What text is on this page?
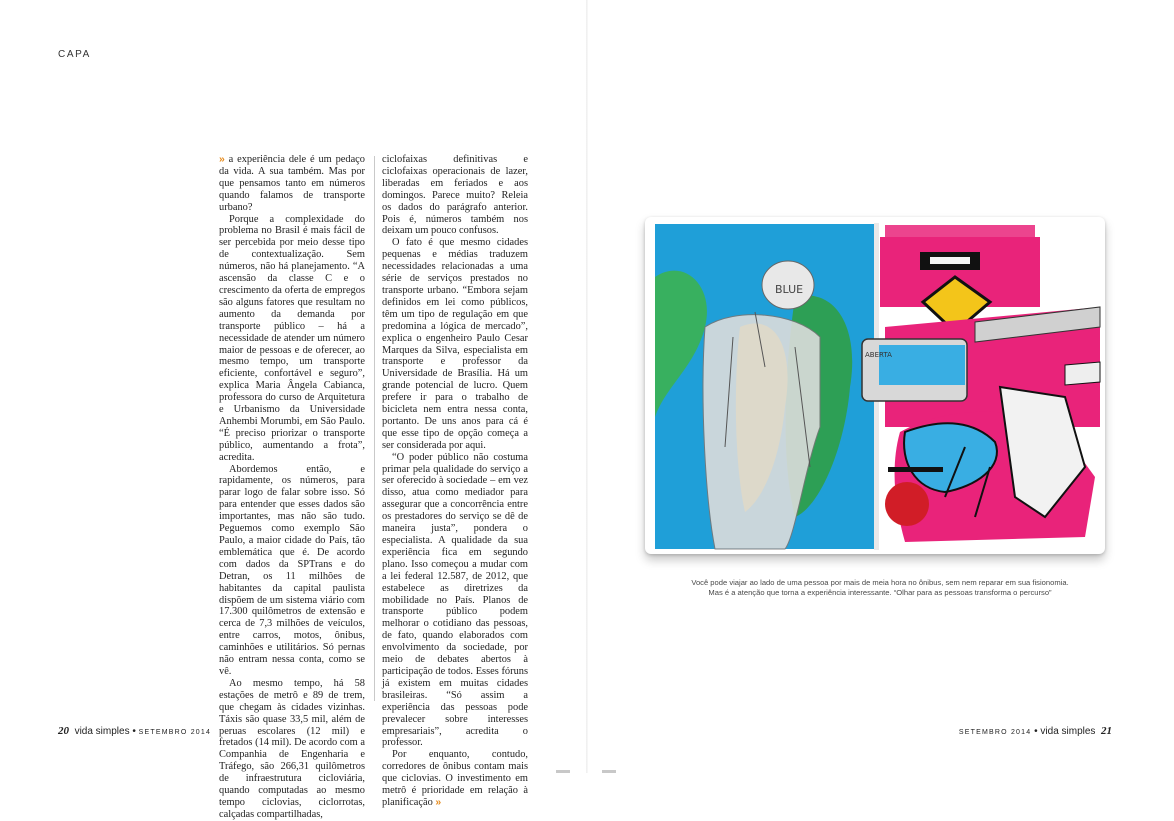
CAPA

» a experiência dele é um pedaço da vida. A sua também. Mas por que pensamos tanto em números quando falamos de transporte urbano?

Porque a complexidade do problema no Brasil é mais fácil de ser percebida por meio desse tipo de contextualização. Sem números, não há planejamento. “A ascensão da classe C e o crescimento da oferta de empregos são alguns fatores que resultam no aumento da demanda por transporte público – há a necessidade de atender um número maior de pessoas e de oferecer, ao mesmo tempo, um transporte eficiente, confortável e seguro”, explica Maria Ângela Cabianca, professora do curso de Arquitetura e Urbanismo da Universidade Anhembi Morumbi, em São Paulo. “É preciso priorizar o transporte público, aumentando a frota”, acredita.

Abordemos então, e rapidamente, os números, para parar logo de falar sobre isso. Só para entender que esses dados são importantes, mas não são tudo. Peguemos como exemplo São Paulo, a maior cidade do País, tão emblemática que é. De acordo com dados da SPTrans e do Detran, os 11 milhões de habitantes da capital paulista dispõem de um sistema viário com 17.300 quilômetros de extensão e cerca de 7,3 milhões de veículos, entre carros, motos, ônibus, caminhões e utilitários. Só pernas não entram nessa conta, como se vê.

Ao mesmo tempo, há 58 estações de metrô e 89 de trem, que chegam às cidades vizinhas. Táxis são quase 33,5 mil, além de peruas escolares (12 mil) e fretados (14 mil). De acordo com a Companhia de Engenharia e Tráfego, são 266,31 quilômetros de infraestrutura cicloviária, quando computadas ao mesmo tempo ciclovias, ciclorrotas, calçadas compartilhadas,

ciclofaixas definitivas e ciclofaixas operacionais de lazer, liberadas em feriados e aos domingos. Parece muito? Releia os dados do parágrafo anterior. Pois é, números também nos deixam um pouco confusos.

O fato é que mesmo cidades pequenas e médias traduzem necessidades relacionadas a uma série de serviços prestados no transporte urbano. “Embora sejam definidos em lei como públicos, têm um tipo de regulação em que predomina a lógica de mercado”, explica o engenheiro Paulo Cesar Marques da Silva, especialista em transporte e professor da Universidade de Brasília. Há um grande potencial de lucro. Quem prefere ir para o trabalho de bicicleta nem entra nessa conta, portanto. De uns anos para cá é que esse tipo de opção começa a ser considerada por aqui.

“O poder público não costuma primar pela qualidade do serviço a ser oferecido à sociedade – em vez disso, atua como mediador para assegurar que a concorrência entre os prestadores do serviço se dê de maneira justa”, pondera o especialista. A qualidade da sua experiência fica em segundo plano. Isso começou a mudar com a lei federal 12.587, de 2012, que estabelece as diretrizes da mobilidade no País. Planos de transporte público podem melhorar o cotidiano das pessoas, de fato, quando elaborados com envolvimento da sociedade, por meio de debates abertos à participação de todos. Esses fóruns já existem em muitas cidades brasileiras. “Só assim a experiência das pessoas pode prevalecer sobre interesses empresariais”, acredita o professor.

Por enquanto, contudo, corredores de ônibus contam mais que ciclovias. O investimento em metrô é prioridade em relação à planificação »

BLUE
ABERTA
Você pode viajar ao lado de uma pessoa por mais de meia hora no ônibus, sem nem reparar em sua fisionomia.
Mas é a atenção que torna a experiência interessante. “Olhar para as pessoas transforma o percurso”
20 vida simples • SETEMBRO 2014	SETEMBRO 2014 • vida simples 21
